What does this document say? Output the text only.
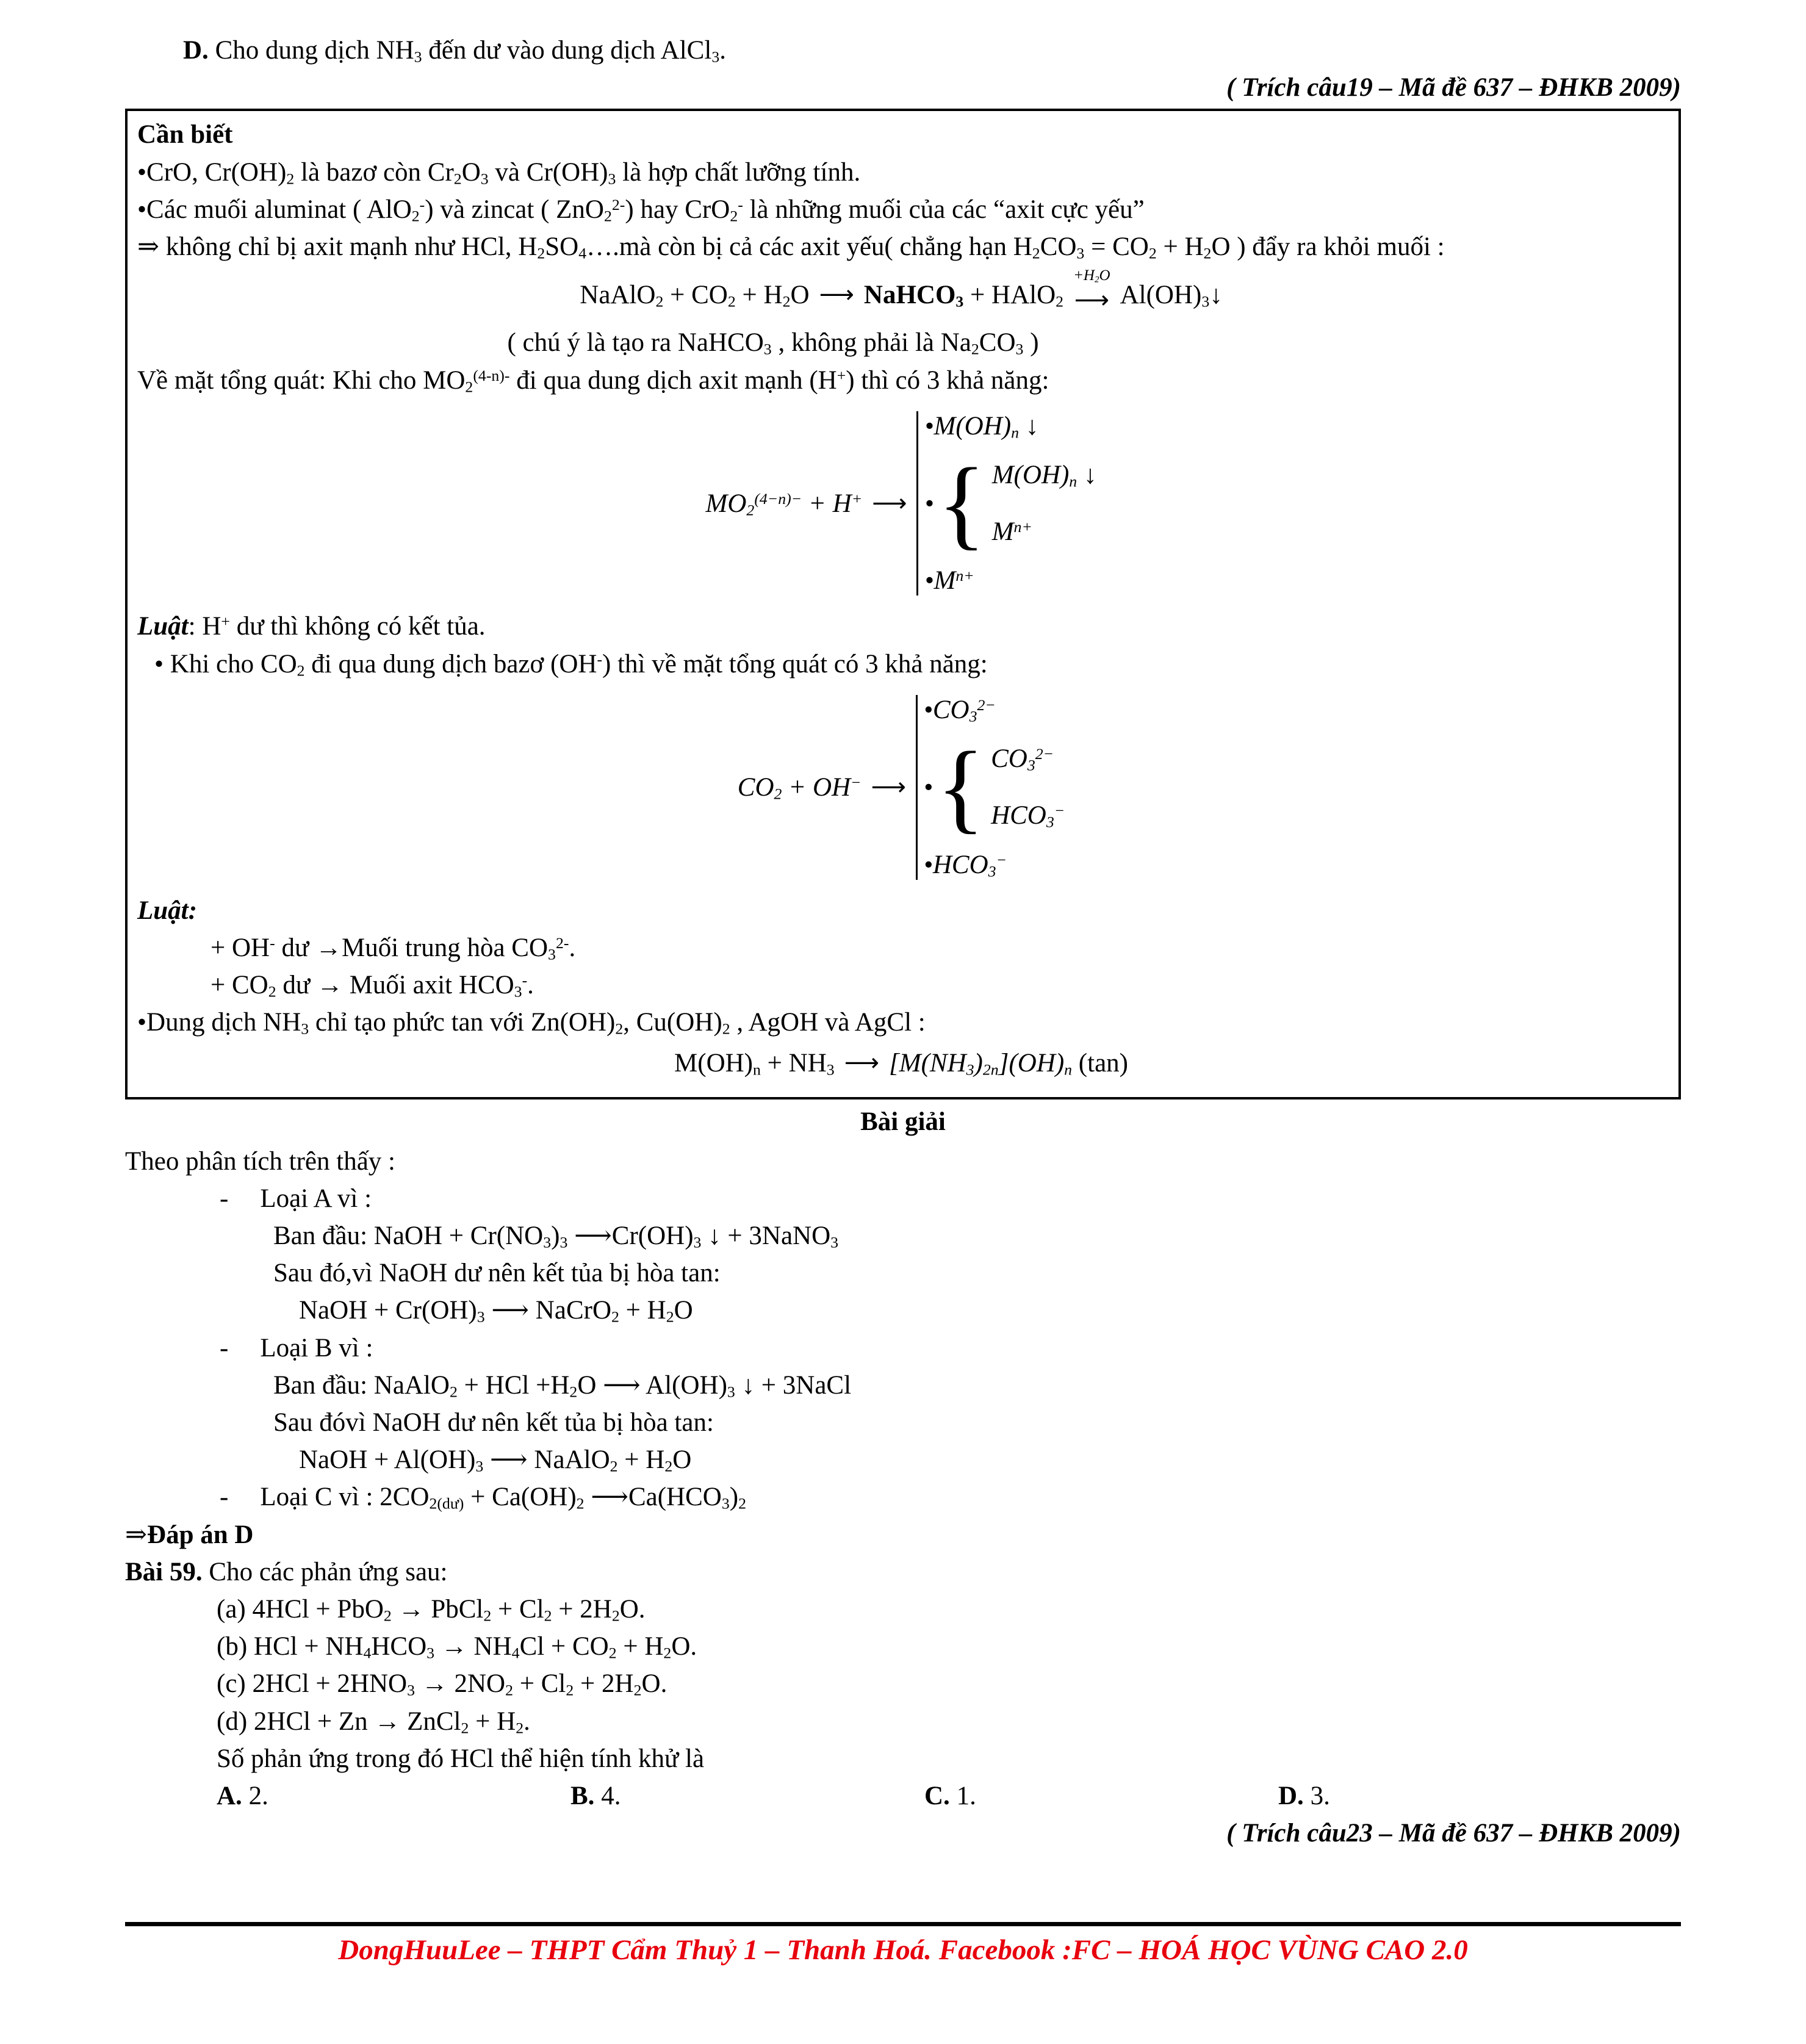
D. Cho dung dịch $NH_3$ đến dư vào dung dịch AlCl$_3$.
( Trích câu19 – Mã đề 637 – ĐHKB 2009)
Cần biết
•CrO, $Cr(OH)_2$ là bazơ còn $Cr_2O_3$ và $Cr(OH)_3$ là hợp chất lưỡng tính.
•Các muối aluminat ( AlO$_2$-) và zincat ( ZnO$_2^{2-}$) hay CrO$_2$- là những muối của các “axit cực yếu”
⇒ không chỉ bị axit mạnh như HCl, $H_2SO_4\dots.mà$ còn bị cả các axit yếu( chẳng hạn $H_2CO_3 = CO_2 + H_2O$ ) đẩy ra khỏi muối :
NaAlO$_2$ + $CO_2 + H_2O$ ⟶ NaHCO$_3$ + HAlO$_2$
$+H_2O$
⟶ $Al(OH)_3↓$
( chú ý là tạo ra NaHCO$_3$ , không phải là $Na_2CO_3$ )
Về mặt tổng quát: Khi cho $MO_2^{(4-n)-}$ đi qua dung dịch axit mạnh (H+) thì có 3 khả năng:
$MO_2^{(4-n)-} + H^+$ ⟶
$•M(OH)_n$ ↓
• { $M(OH)_n$ ↓
$M^{n+}$
$•M^{n+}$
Luật: H+ dư thì không có kết tủa.
• Khi cho $CO_2$ đi qua dung dịch bazơ (OH-) thì về mặt tổng quát có 3 khả năng:
$CO_2 + OH^-$ ⟶
$•CO_3^{2-}$
• { $CO_3^{2-}$
$HCO_3^-$
$•HCO_3^-$
Luật:
+ OH- dư →Muối trung hòa $CO_3^{2-}$.
+ $CO_2$ dư → Muối axit $HCO_3^-$.
•Dung dịch $NH_3$ chỉ tạo phức tan với $Zn(OH)_2$, $Cu(OH)_2$ , AgOH và AgCl :
$M(OH)_n + NH_3$ ⟶ $[M(NH_3)_{2n}](OH)_n$ (tan)
Bài giải
Theo phân tích trên thấy :
- Loại A vì :
Ban đầu: NaOH + $Cr(NO_3)_3$ $⟶Cr(OH)_3$ ↓ + 3NaNO$_3$
Sau đó,vì NaOH dư nên kết tủa bị hòa tan:
NaOH + $Cr(OH)_3$ ⟶ NaCrO$_2$ + $H_2O$
- Loại B vì :
Ban đầu: NaAlO$_2$ + HCl $+H_2O$ ⟶ $Al(OH)_3$ ↓ + 3NaCl
Sau đóvì NaOH dư nên kết tủa bị hòa tan:
NaOH + $Al(OH)_3$ ⟶ NaAlO$_2$ + $H_2O$
- Loại C vì : $2CO_{2(dư)} + Ca(OH)_2$ $⟶Ca(HCO_3)_2$
⇒Đáp án D
Bài 59. Cho các phản ứng sau:
(a) 4HCl + PbO$_2$ → PbCl$_2$ + $Cl_2 + 2H_2O$.
(b) HCl + $NH_4HCO_3 \to NH_4Cl + CO_2 + H_2O$.
(c) $2HCl + 2HNO_3 \to 2NO_2 + Cl_2 + 2H_2O$.
(d) 2HCl + Zn → ZnCl$_2$ + $H_2$.
Số phản ứng trong đó HCl thể hiện tính khử là
A. 2.	B. 4.	C. 1.	D. 3.
( Trích câu23 – Mã đề 637 – ĐHKB 2009)
DongHuuLee – THPT Cẩm Thuỷ 1 – Thanh Hoá. Facebook :FC – HOÁ HỌC VÙNG CAO 2.0
